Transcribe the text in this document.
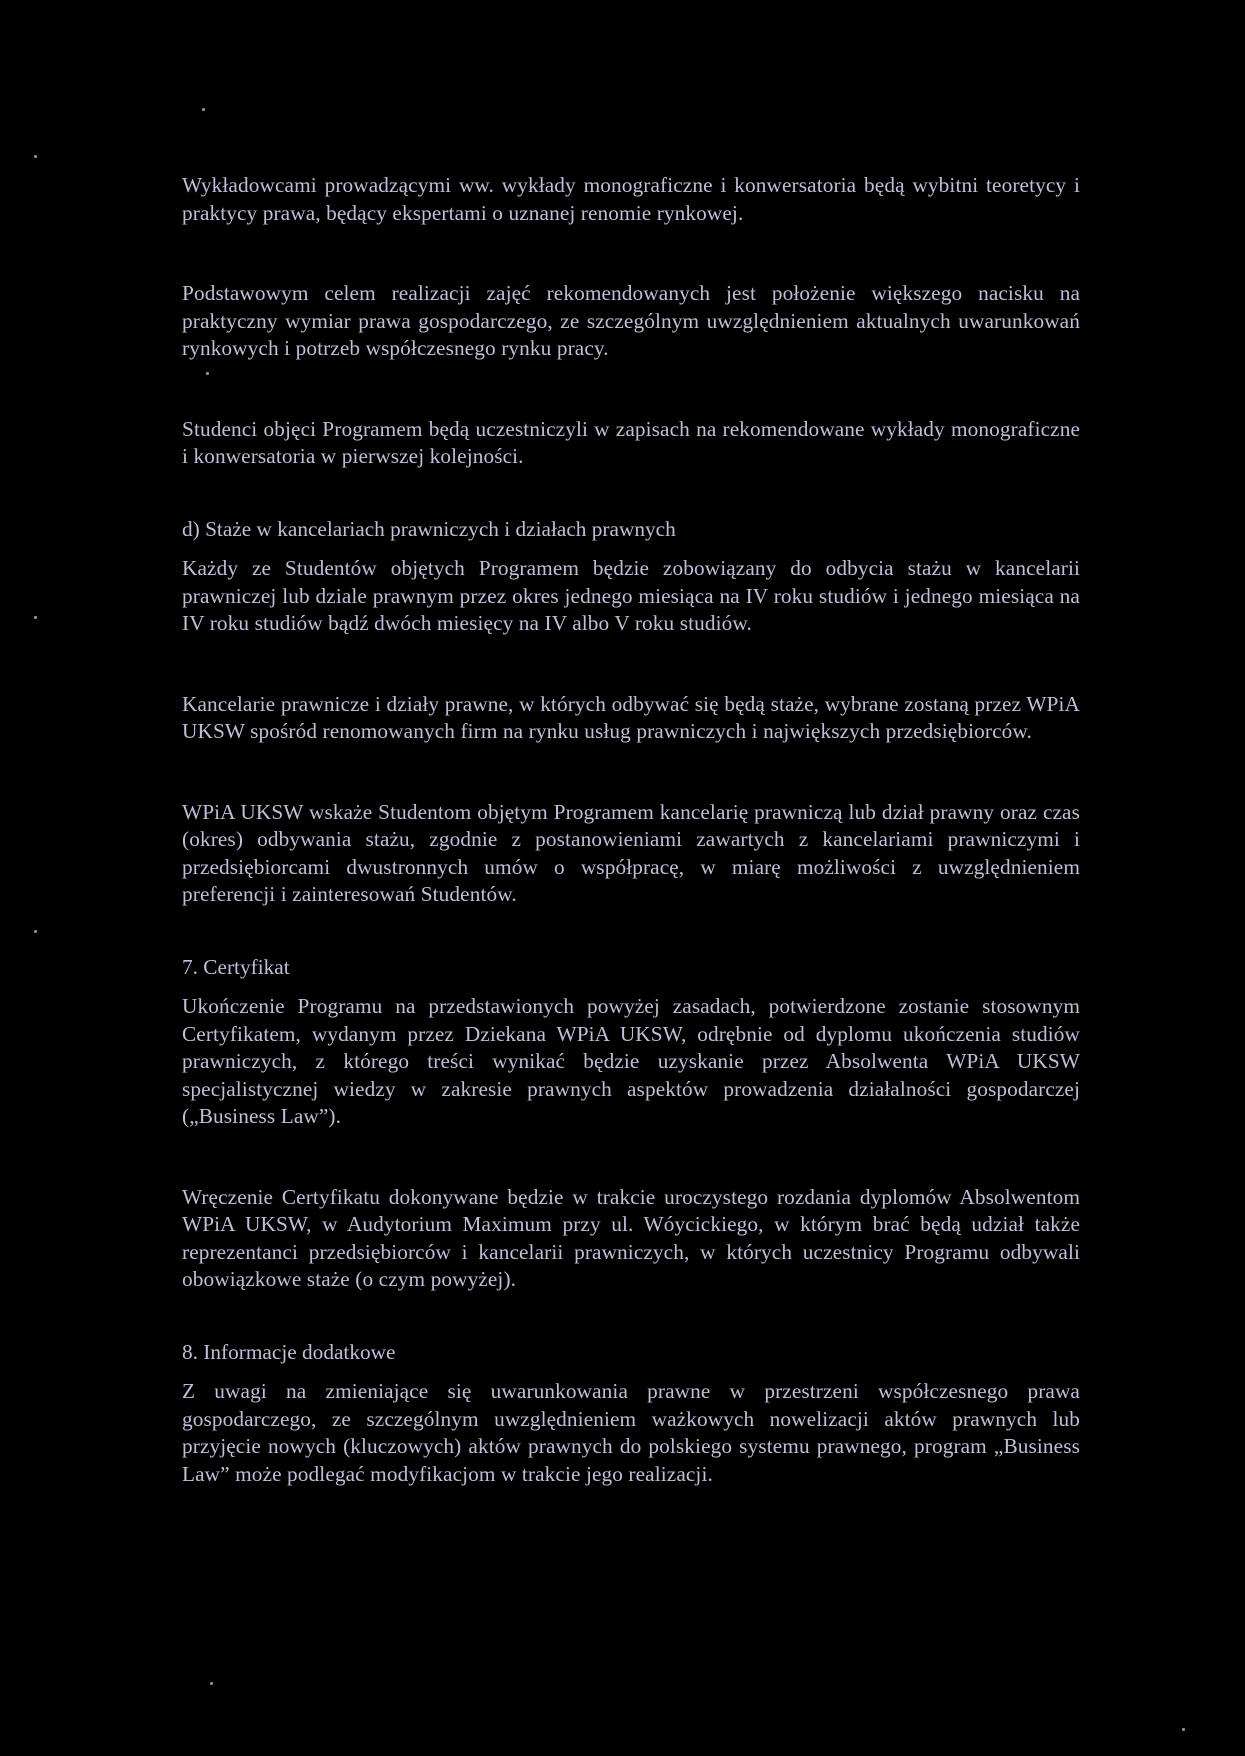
Wykładowcami prowadzącymi ww. wykłady monograficzne i konwersatoria będą wybitni teoretycy i praktycy prawa, będący ekspertami o uznanej renomie rynkowej.

Podstawowym celem realizacji zajęć rekomendowanych jest położenie większego nacisku na praktyczny wymiar prawa gospodarczego, ze szczególnym uwzględnieniem aktualnych uwarunkowań rynkowych i potrzeb współczesnego rynku pracy.

Studenci objęci Programem będą uczestniczyli w zapisach na rekomendowane wykłady monograficzne i konwersatoria w pierwszej kolejności.

d) Staże w kancelariach prawniczych i działach prawnych

Każdy ze Studentów objętych Programem będzie zobowiązany do odbycia stażu w kancelarii prawniczej lub dziale prawnym przez okres jednego miesiąca na IV roku studiów i jednego miesiąca na IV roku studiów bądź dwóch miesięcy na IV albo V roku studiów.

Kancelarie prawnicze i działy prawne, w których odbywać się będą staże, wybrane zostaną przez WPiA UKSW spośród renomowanych firm na rynku usług prawniczych i największych przedsiębiorców.

WPiA UKSW wskaże Studentom objętym Programem kancelarię prawniczą lub dział prawny oraz czas (okres) odbywania stażu, zgodnie z postanowieniami zawartych z kancelariami prawniczymi i przedsiębiorcami dwustronnych umów o współpracę, w miarę możliwości z uwzględnieniem preferencji i zainteresowań Studentów.

7. Certyfikat

Ukończenie Programu na przedstawionych powyżej zasadach, potwierdzone zostanie stosownym Certyfikatem, wydanym przez Dziekana WPiA UKSW, odrębnie od dyplomu ukończenia studiów prawniczych, z którego treści wynikać będzie uzyskanie przez Absolwenta WPiA UKSW specjalistycznej wiedzy w zakresie prawnych aspektów prowadzenia działalności gospodarczej („Business Law”).

Wręczenie Certyfikatu dokonywane będzie w trakcie uroczystego rozdania dyplomów Absolwentom WPiA UKSW, w Audytorium Maximum przy ul. Wóycickiego, w którym brać będą udział także reprezentanci przedsiębiorców i kancelarii prawniczych, w których uczestnicy Programu odbywali obowiązkowe staże (o czym powyżej).

8. Informacje dodatkowe

Z uwagi na zmieniające się uwarunkowania prawne w przestrzeni współczesnego prawa gospodarczego, ze szczególnym uwzględnieniem ważkowych nowelizacji aktów prawnych lub przyjęcie nowych (kluczowych) aktów prawnych do polskiego systemu prawnego, program „Business Law” może podlegać modyfikacjom w trakcie jego realizacji.
